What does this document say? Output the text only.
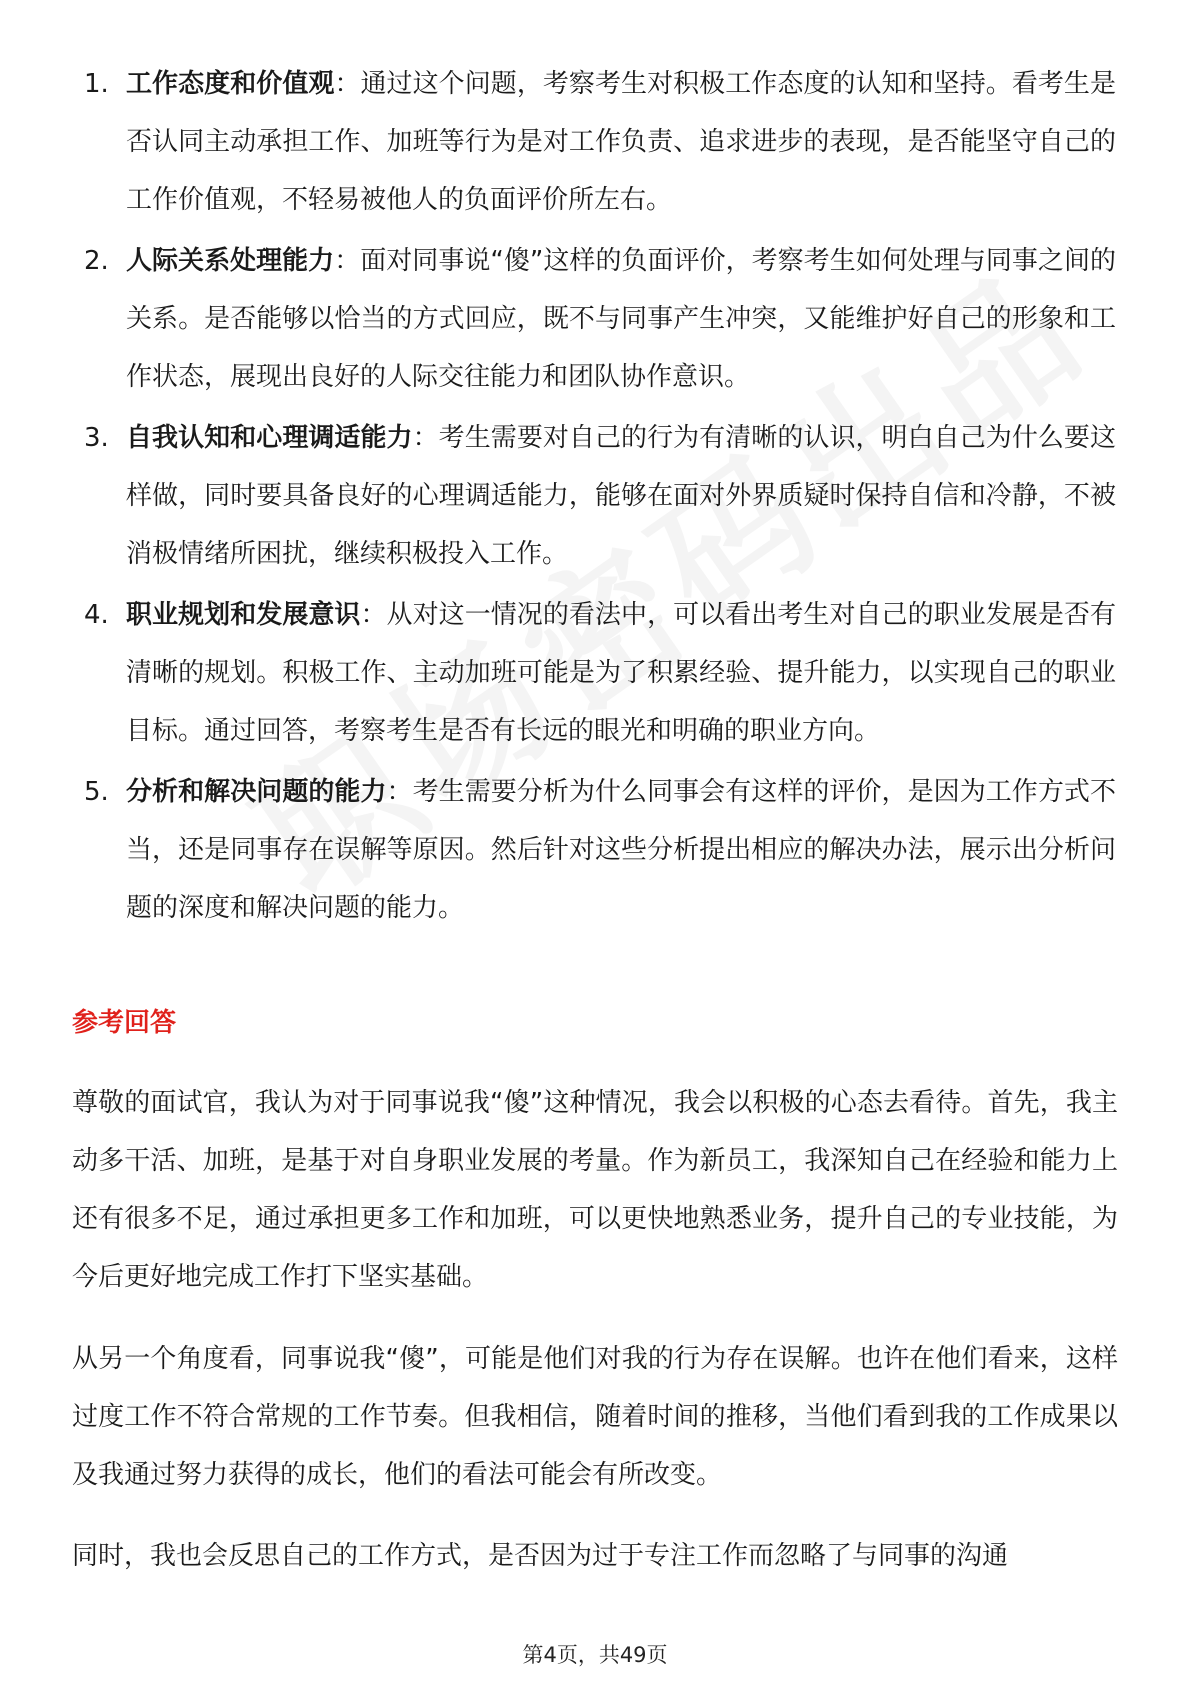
1. 工作态度和价值观：通过这个问题，考察考生对积极工作态度的认知和坚持。看考生是否认同主动承担工作、加班等行为是对工作负责、追求进步的表现，是否能坚守自己的工作价值观，不轻易被他人的负面评价所左右。
2. 人际关系处理能力：面对同事说“傻”这样的负面评价，考察考生如何处理与同事之间的关系。是否能够以恰当的方式回应，既不与同事产生冲突，又能维护好自己的形象和工作状态，展现出良好的人际交往能力和团队协作意识。
3. 自我认知和心理调适能力：考生需要对自己的行为有清晰的认识，明白自己为什么要这样做，同时要具备良好的心理调适能力，能够在面对外界质疑时保持自信和冷静，不被消极情绪所困扰，继续积极投入工作。
4. 职业规划和发展意识：从对这一情况的看法中，可以看出考生对自己的职业发展是否有清晰的规划。积极工作、主动加班可能是为了积累经验、提升能力，以实现自己的职业目标。通过回答，考察考生是否有长远的眼光和明确的职业方向。
5. 分析和解决问题的能力：考生需要分析为什么同事会有这样的评价，是因为工作方式不当，还是同事存在误解等原因。然后针对这些分析提出相应的解决办法，展示出分析问题的深度和解决问题的能力。
参考回答

尊敬的面试官，我认为对于同事说我“傻”这种情况，我会以积极的心态去看待。首先，我主动多干活、加班，是基于对自身职业发展的考量。作为新员工，我深知自己在经验和能力上还有很多不足，通过承担更多工作和加班，可以更快地熟悉业务，提升自己的专业技能，为今后更好地完成工作打下坚实基础。

从另一个角度看，同事说我“傻”，可能是他们对我的行为存在误解。也许在他们看来，这样过度工作不符合常规的工作节奏。但我相信，随着时间的推移，当他们看到我的工作成果以及我通过努力获得的成长，他们的看法可能会有所改变。

同时，我也会反思自己的工作方式，是否因为过于专注工作而忽略了与同事的沟通

第4页，共49页
